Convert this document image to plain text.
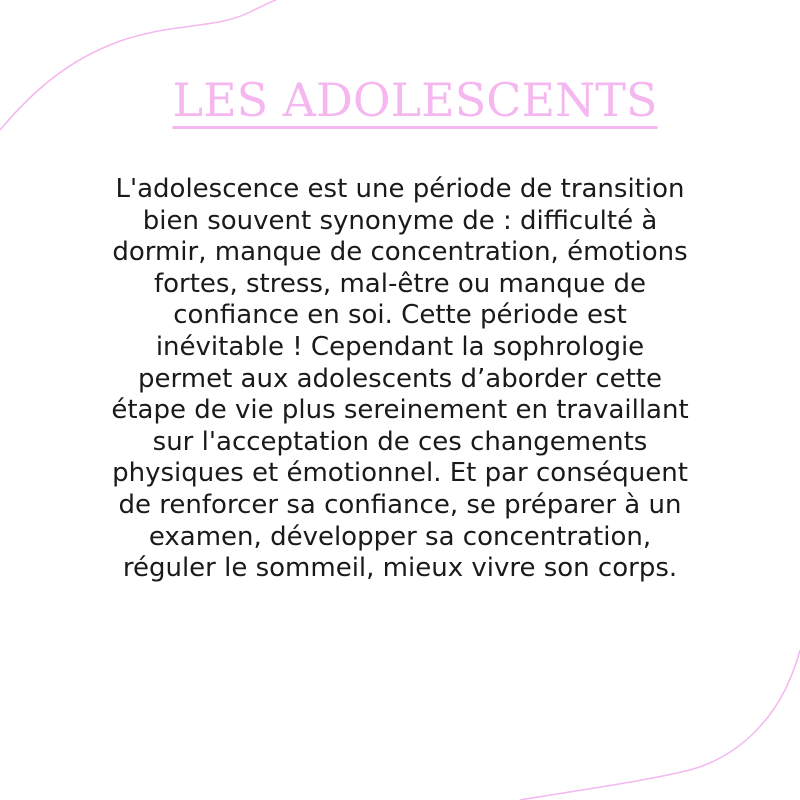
LES ADOLESCENTS

L'adolescence est une période de transition bien souvent synonyme de : difficulté à dormir, manque de concentration, émotions fortes, stress, mal-être ou manque de confiance en soi. Cette période est inévitable ! Cependant la sophrologie permet aux adolescents d’aborder cette étape de vie plus sereinement en travaillant sur l'acceptation de ces changements physiques et émotionnel. Et par conséquent de renforcer sa confiance, se préparer à un examen, développer sa concentration, réguler le sommeil, mieux vivre son corps.
